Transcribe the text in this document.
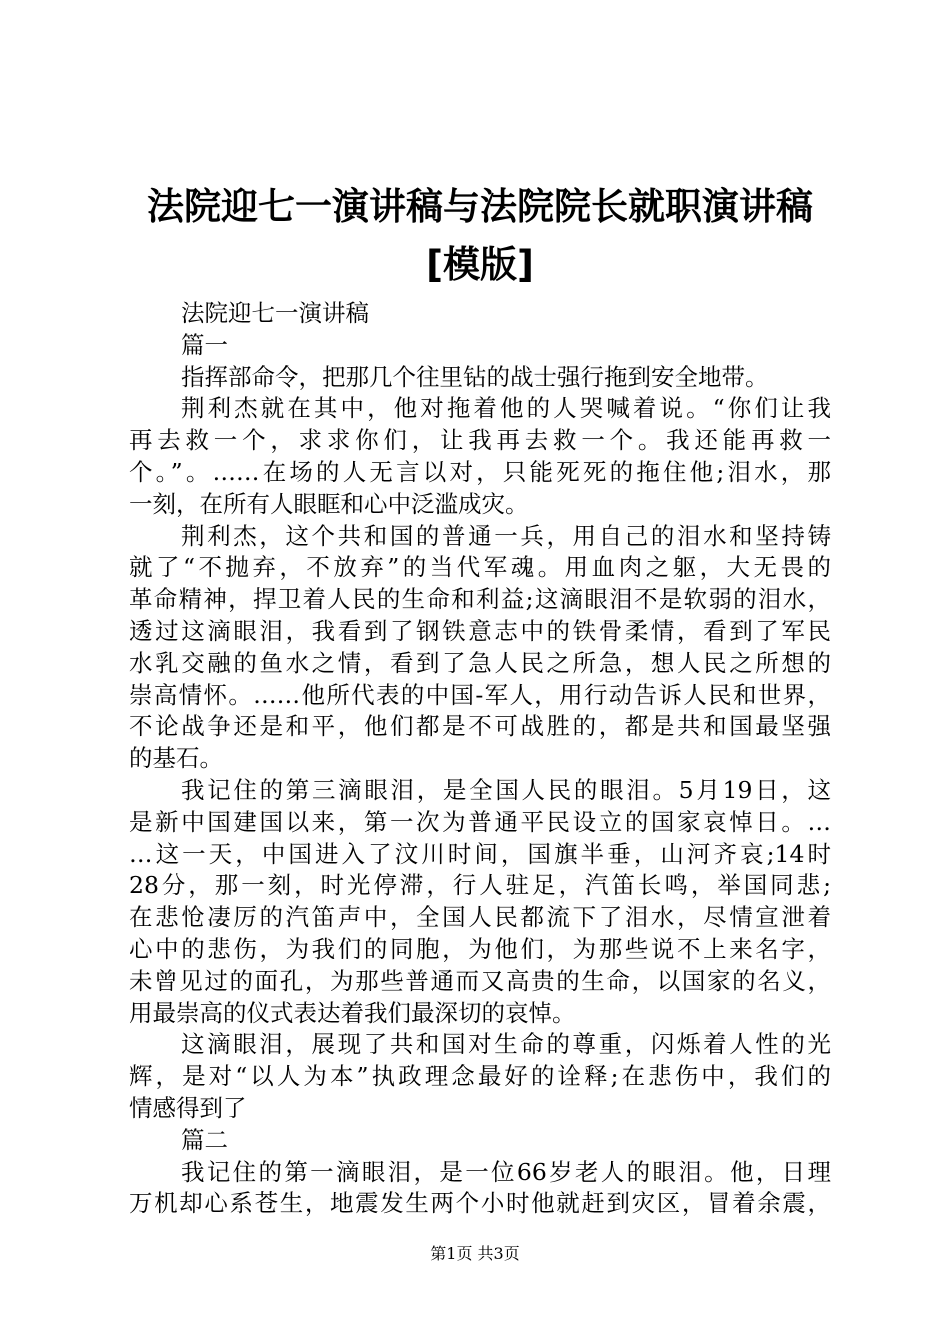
法院迎七一演讲稿与法院院长就职演讲稿[模版]
法院迎七一演讲稿
篇一
指挥部命令，把那几个往里钻的战士强行拖到安全地带。
荆利杰就在其中，他对拖着他的人哭喊着说。“你们让我
再去救一个，求求你们，让我再去救一个。我还能再救一
个。”。……在场的人无言以对，只能死死的拖住他;泪水，那
一刻，在所有人眼眶和心中泛滥成灾。
荆利杰，这个共和国的普通一兵，用自己的泪水和坚持铸
就了“不抛弃，不放弃”的当代军魂。用血肉之躯，大无畏的
革命精神，捍卫着人民的生命和利益;这滴眼泪不是软弱的泪水，
透过这滴眼泪，我看到了钢铁意志中的铁骨柔情，看到了军民
水乳交融的鱼水之情，看到了急人民之所急，想人民之所想的
崇高情怀。……他所代表的中国-军人，用行动告诉人民和世界，
不论战争还是和平，他们都是不可战胜的，都是共和国最坚强
的基石。
我记住的第三滴眼泪，是全国人民的眼泪。5月19日，这
是新中国建国以来，第一次为普通平民设立的国家哀悼日。…
…这一天，中国进入了汶川时间，国旗半垂，山河齐哀;14时
28分，那一刻，时光停滞，行人驻足，汽笛长鸣，举国同悲;
在悲怆凄厉的汽笛声中，全国人民都流下了泪水，尽情宣泄着
心中的悲伤，为我们的同胞，为他们，为那些说不上来名字，
未曾见过的面孔，为那些普通而又高贵的生命，以国家的名义，
用最崇高的仪式表达着我们最深切的哀悼。
这滴眼泪，展现了共和国对生命的尊重，闪烁着人性的光
辉，是对“以人为本”执政理念最好的诠释;在悲伤中，我们的
情感得到了
篇二
我记住的第一滴眼泪，是一位66岁老人的眼泪。他，日理
万机却心系苍生，地震发生两个小时他就赶到灾区，冒着余震，
第1页 共3页
